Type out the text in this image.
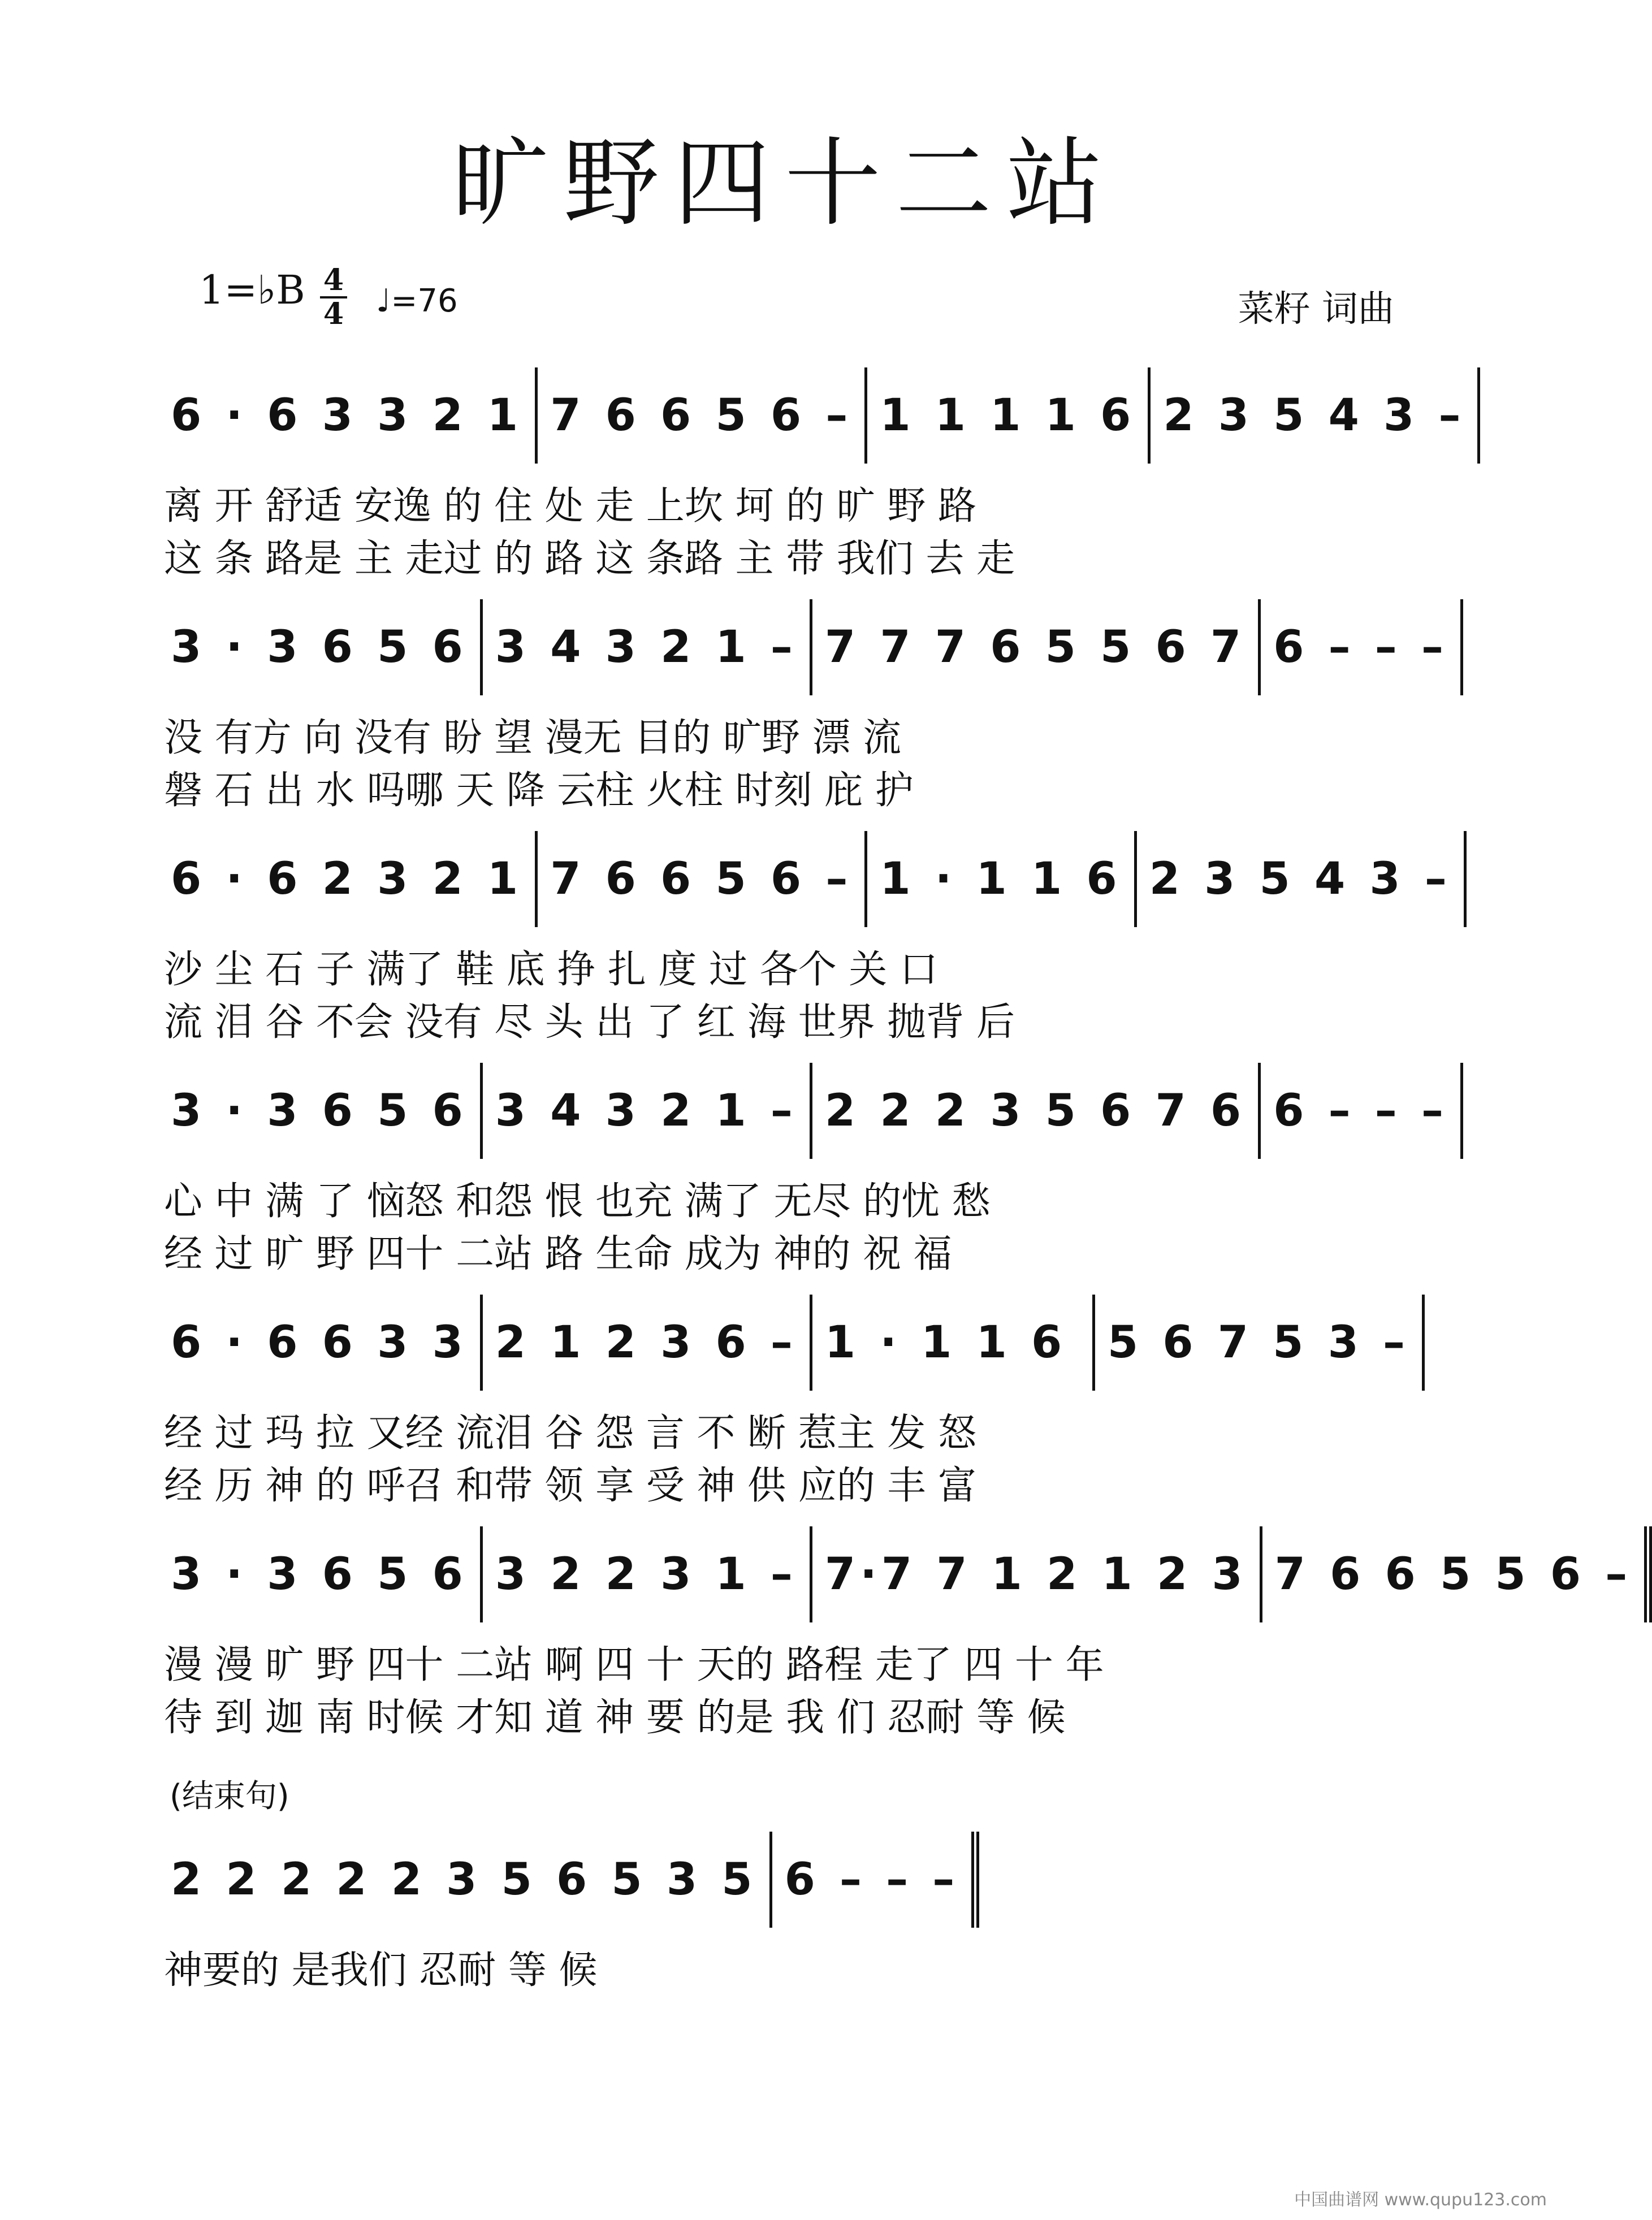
旷野四十二站
1=♭B 4
4 ♩=76	菜籽 词曲
6 · 6 3 3 2 1 7 6 6 5 6 – 1 1 1 1 6 2 3 5 4 3 –
离 开 舒适 安逸 的 住 处 走 上坎 坷 的 旷 野 路
这 条 路是 主 走过 的 路 这 条路 主 带 我们 去 走
3 · 3 6 5 6 3 4 3 2 1 – 7 7 7 6 5 5 6 7 6 – – –
没 有方 向 没有 盼 望 漫无 目的 旷野 漂 流
磐 石 出 水 吗哪 天 降 云柱 火柱 时刻 庇 护
6 · 6 2 3 2 1 7 6 6 5 6 – 1 · 1 1 6 2 3 5 4 3 –
沙 尘 石 子 满了 鞋 底 挣 扎 度 过 各个 关 口
流 泪 谷 不会 没有 尽 头 出 了 红 海 世界 抛背 后
3 · 3 6 5 6 3 4 3 2 1 – 2 2 2 3 5 6 7 6 6 – – –
心 中 满 了 恼怒 和怨 恨 也充 满了 无尽 的忧 愁
经 过 旷 野 四十 二站 路 生命 成为 神的 祝 福
6 · 6 6 3 3 2 1 2 3 6 – 1 · 1 1 6 5 6 7 5 3 –
经 过 玛 拉 又经 流泪 谷 怨 言 不 断 惹主 发 怒
经 历 神 的 呼召 和带 领 享 受 神 供 应的 丰 富
3 · 3 6 5 6 3 2 2 3 1 – 7·7 7 1 2 1 2 3 7 6 6 5 5 6 –
漫 漫 旷 野 四十 二站 啊 四 十 天的 路程 走了 四 十 年
待 到 迦 南 时候 才知 道 神 要 的是 我 们 忍耐 等 候
(结束句)
2 2 2 2 2 3 5 6 5 3 5 6 – – –
神要的 是我们 忍耐 等 候
中国曲谱网 www.qupu123.com
